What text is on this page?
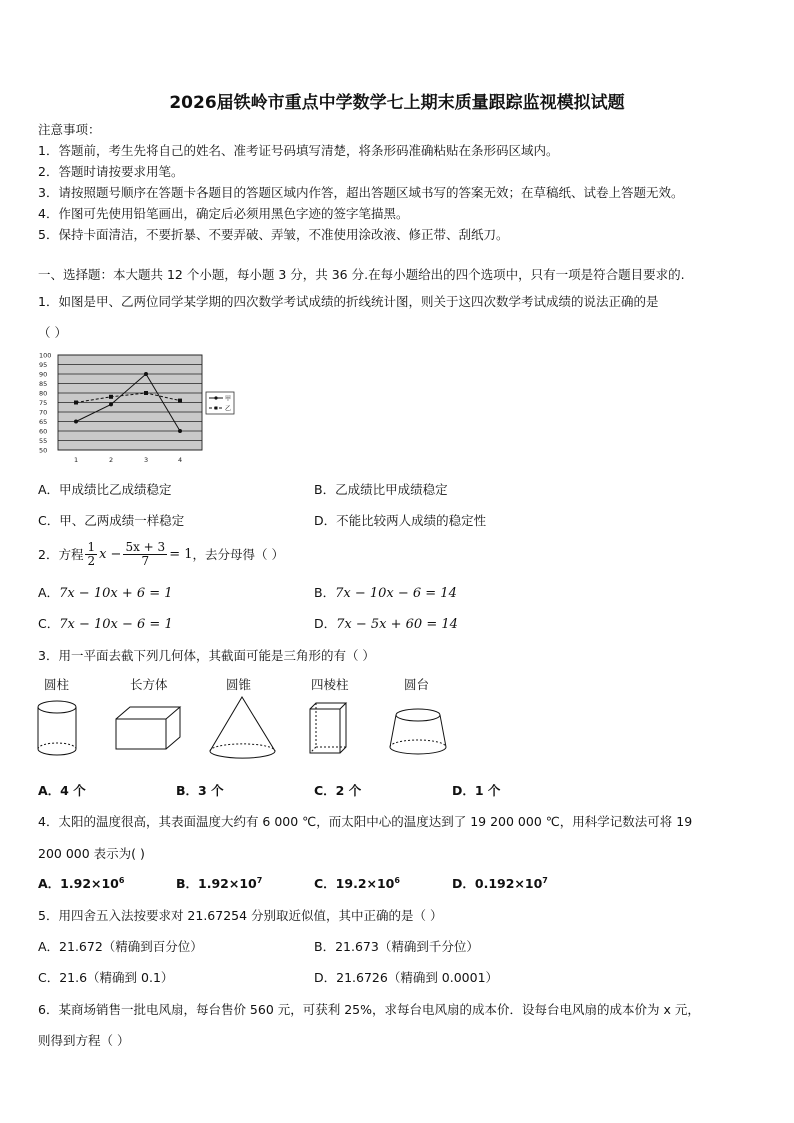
2026届铁岭市重点中学数学七上期末质量跟踪监视模拟试题
注意事项：
1．答题前，考生先将自己的姓名、准考证号码填写清楚，将条形码准确粘贴在条形码区域内。
2．答题时请按要求用笔。
3．请按照题号顺序在答题卡各题目的答题区域内作答，超出答题区域书写的答案无效；在草稿纸、试卷上答题无效。
4．作图可先使用铅笔画出，确定后必须用黑色字迹的签字笔描黑。
5．保持卡面清洁，不要折暴、不要弄破、弄皱，不准使用涂改液、修正带、刮纸刀。
一、选择题：本大题共 12 个小题，每小题 3 分，共 36 分.在每小题给出的四个选项中，只有一项是符合题目要求的.
1．如图是甲、乙两位同学某学期的四次数学考试成绩的折线统计图，则关于这四次数学考试成绩的说法正确的是
（ ）
50
55
60
65
70
75
80
85
90
95
100
1	2	3	4
甲
乙
A．甲成绩比乙成绩稳定	B．乙成绩比甲成绩稳定
C．甲、乙两成绩一样稳定	D．不能比较两人成绩的稳定性
2．方程 $\frac{1}{2}$ $x - \frac{5x + 3}{7} = 1$ ，去分母得（ ）
A．7x − 10x + 6 = 1	B．7x − 10x − 6 = 14
C．7x − 10x − 6 = 1	D．7x − 5x + 60 = 14
3．用一平面去截下列几何体，其截面可能是三角形的有（ ）
圆柱	长方体	圆锥	四棱柱	圆台
A．4 个	B．3 个	C．2 个	D．1 个
4．太阳的温度很高，其表面温度大约有 6 000 ℃，而太阳中心的温度达到了 19 200 000 ℃，用科学记数法可将 19
200 000 表示为( )
A．$1.92\times 10^6$	B．$1.92\times 10^7$	C．$19.2\times 10^6$	D．$0.192\times 10^7$
5．用四舍五入法按要求对 21.67254 分别取近似值，其中正确的是（ ）
A．21.672（精确到百分位）	B．21.673（精确到千分位）
C．21.6（精确到 0.1）	D．21.6726（精确到 0.0001）
6．某商场销售一批电风扇，每台售价 560 元，可获利 25%，求每台电风扇的成本价．设每台电风扇的成本价为 x 元，
则得到方程（ ）
